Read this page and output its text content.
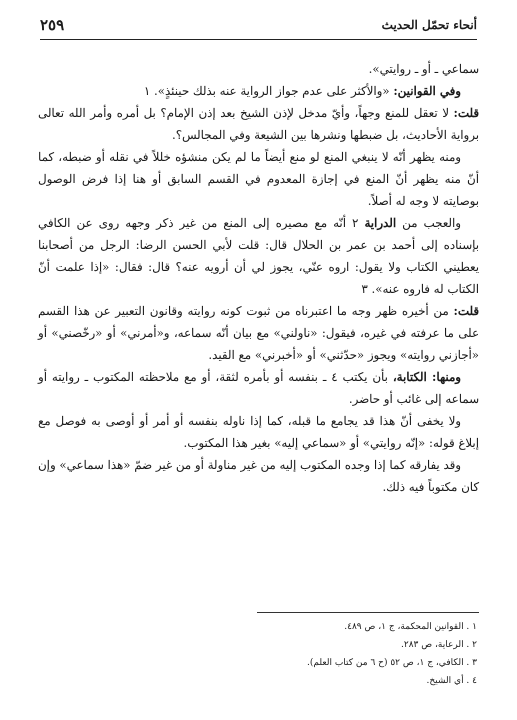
أنحاء تحمّل الحديث
٢٥٩

سماعي ـ أو ـ روايتي».

وفي القوانين: «والأكثر على عدم جواز الرواية عنه بذلك حينئذٍ». ١

قلت: لا تعقل للمنع وجهاً، وأيّ مدخل لإذن الشيخ بعد إذن الإمام؟ بل أمره وأمر الله تعالى برواية الأحاديث، بل ضبطها ونشرها بين الشيعة وفي المجالس؟.

ومنه يظهر أنّه لا ينبغي المنع لو منع أيضاً ما لم يكن منشؤه خللاً في نقله أو ضبطه، كما أنّ منه يظهر أنّ المنع في إجازة المعدوم في القسم السابق أو هنا إذا فرض الوصول بوصايته لا وجه له أصلاً.

والعجب من الدراية ٢ أنّه مع مصيره إلى المنع من غير ذكر وجهه روى عن الكافي بإسناده إلى أحمد بن عمر بن الحلال قال: قلت لأبي الحسن الرضا: الرجل من أصحابنا يعطيني الكتاب ولا يقول: اروه عنّي، يجوز لي أن أرويه عنه؟ قال: فقال: «إذا علمت أنّ الكتاب له فاروه عنه». ٣

قلت: من أخيره ظهر وجه ما اعتبرناه من ثبوت كونه روايته وقانون التعبير عن هذا القسم على ما عرفته في غيره، فيقول: «ناولني» مع بيان أنّه سماعه، و«أمرني» أو «رخّصني» أو «أجازني روايته» ويجوز «حدّثني» أو «أخبرني» مع القيد.

ومنها: الكتابة، بأن يكتب ٤ ـ بنفسه أو بأمره لثقة، أو مع ملاحظته المكتوب ـ روايته أو سماعه إلى غائب أو حاضر.

ولا يخفى أنّ هذا قد يجامع ما قبله، كما إذا ناوله بنفسه أو أمر أو أوصى به فوصل مع إبلاغ قوله: «إنّه روايتي» أو «سماعي إليه» بغير هذا المكتوب.

وقد يفارقه كما إذا وجده المكتوب إليه من غير مناولة أو من غير ضمّ «هذا سماعي» وإن كان مكتوباً فيه ذلك.

١ . القوانين المحكمة، ج ١، ص ٤٨٩.
٢ . الرعاية، ص ٢٨٣.
٣ . الكافي، ج ١، ص ٥٢ (ح ٦ من كتاب العلم).
٤ . أي الشيخ.
